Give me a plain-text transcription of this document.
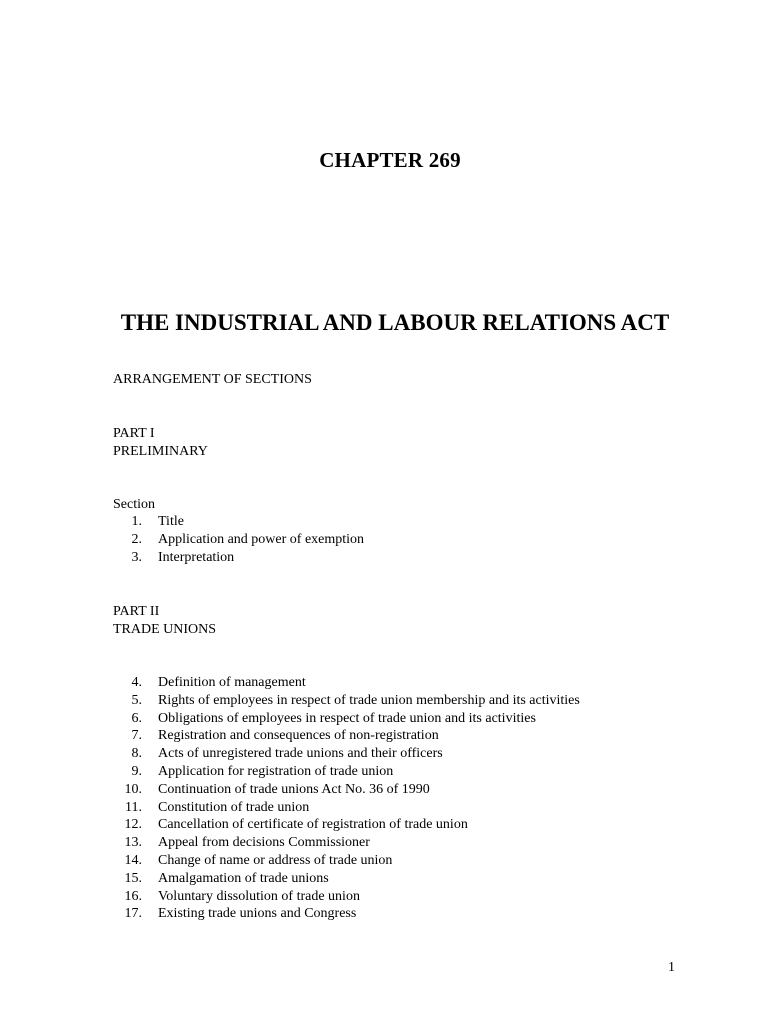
CHAPTER 269
THE INDUSTRIAL AND LABOUR RELATIONS ACT

ARRANGEMENT OF SECTIONS

PART I

PRELIMINARY

Section

1. Title
2. Application and power of exemption
3. Interpretation

PART II

TRADE UNIONS

4. Definition of management
5. Rights of employees in respect of trade union membership and its activities
6. Obligations of employees in respect of trade union and its activities
7. Registration and consequences of non-registration
8. Acts of unregistered trade unions and their officers
9. Application for registration of trade union
10. Continuation of trade unions Act No. 36 of 1990
11. Constitution of trade union
12. Cancellation of certificate of registration of trade union
13. Appeal from decisions Commissioner
14. Change of name or address of trade union
15. Amalgamation of trade unions
16. Voluntary dissolution of trade union
17. Existing trade unions and Congress

1
